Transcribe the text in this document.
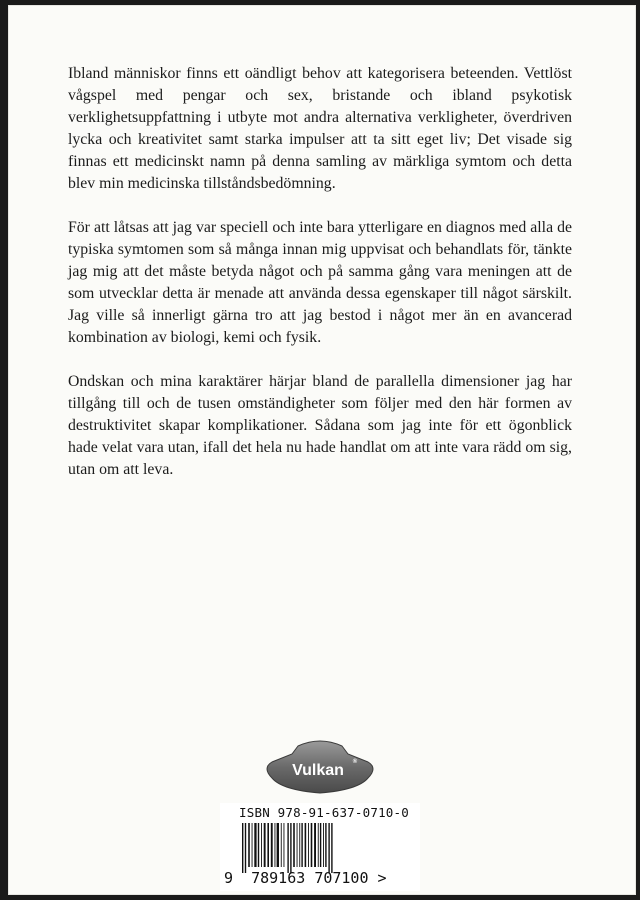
Ibland människor finns ett oändligt behov att kategorisera beteenden. Vettlöst vågspel med pengar och sex, bristande och ibland psykotisk verklighetsuppfattning i utbyte mot andra alternativa verkligheter, överdriven lycka och kreativitet samt starka impulser att ta sitt eget liv; Det visade sig finnas ett medicinskt namn på denna samling av märkliga symtom och detta blev min medicinska tillståndsbedömning.

För att låtsas att jag var speciell och inte bara ytterligare en diagnos med alla de typiska symtomen som så många innan mig uppvisat och behandlats för, tänkte jag mig att det måste betyda något och på samma gång vara meningen att de som utvecklar detta är menade att använda dessa egenskaper till något särskilt. Jag ville så innerligt gärna tro att jag bestod i något mer än en avancerad kombination av biologi, kemi och fysik.

Ondskan och mina karaktärer härjar bland de parallella dimensioner jag har tillgång till och de tusen omständigheter som följer med den här formen av destruktivitet skapar komplikationer. Sådana som jag inte för ett ögonblick hade velat vara utan, ifall det hela nu hade handlat om att inte vara rädd om sig, utan om att leva.

Vulkan ®
ISBN 978-91-637-0710-0
9 789163 707100 >
